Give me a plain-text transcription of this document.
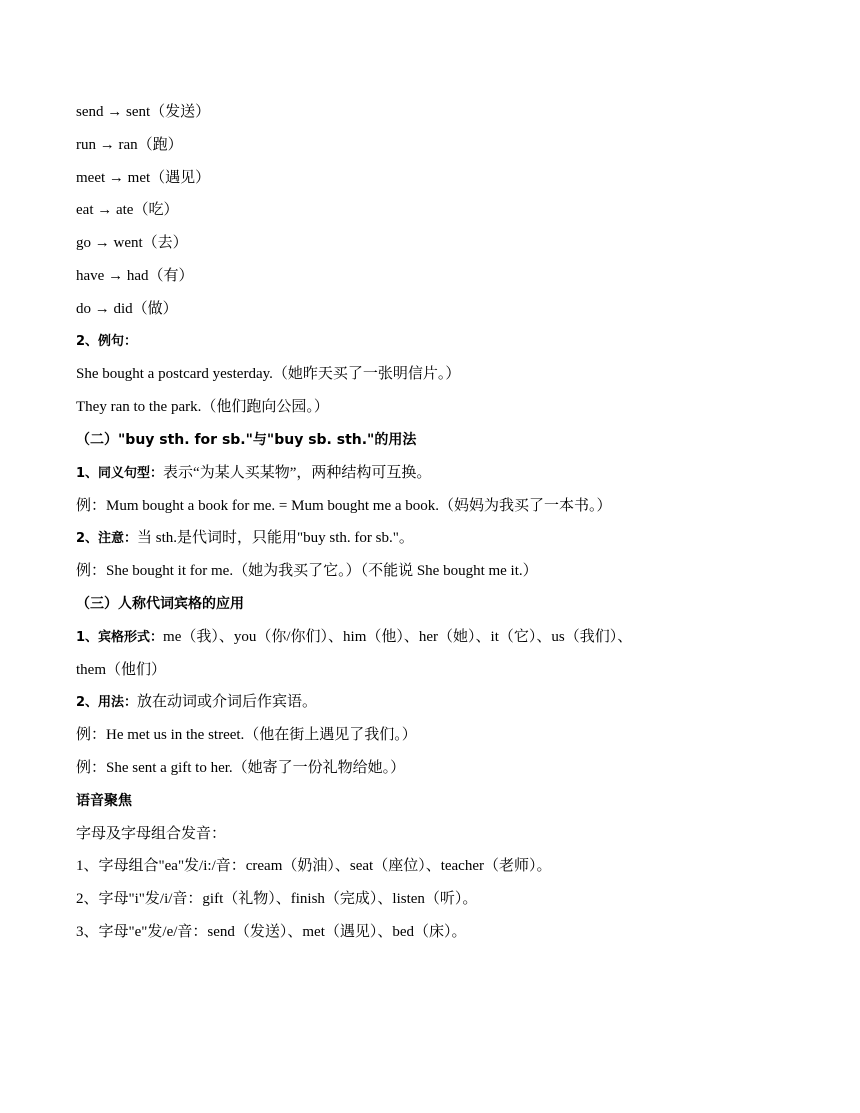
send → sent（发送）
run → ran（跑）
meet → met（遇见）
eat → ate（吃）
go → went（去）
have → had（有）
do → did（做）
2、例句：
She bought a postcard yesterday.（她昨天买了一张明信片。）
They ran to the park.（他们跑向公园。）
（二）"buy sth. for sb."与"buy sb. sth."的用法
1、同义句型：表示“为某人买某物”，两种结构可互换。
例：Mum bought a book for me. = Mum bought me a book.（妈妈为我买了一本书。）
2、注意：当 sth.是代词时，只能用"buy sth. for sb."。
例：She bought it for me.（她为我买了它。）（不能说 She bought me it.）
（三）人称代词宾格的应用
1、宾格形式：me（我）、you（你/你们）、him（他）、her（她）、it（它）、us（我们）、
them（他们）
2、用法：放在动词或介词后作宾语。
例：He met us in the street.（他在街上遇见了我们。）
例：She sent a gift to her.（她寄了一份礼物给她。）
语音聚焦
字母及字母组合发音：
1、字母组合"ea"发/i:/音：cream（奶油）、seat（座位）、teacher（老师）。
2、字母"i"发/i/音：gift（礼物）、finish（完成）、listen（听）。
3、字母"e"发/e/音：send（发送）、met（遇见）、bed（床）。
